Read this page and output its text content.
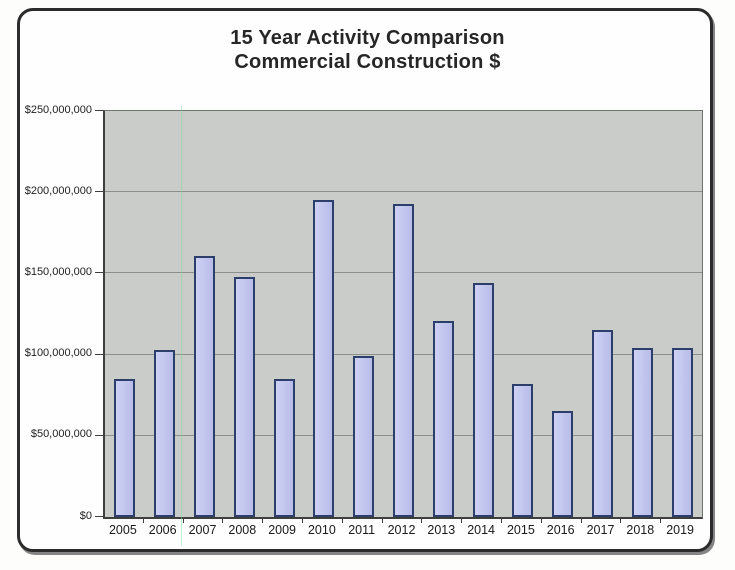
15 Year Activity Comparison
Commercial Construction $
$0
$50,000,000
$100,000,000
$150,000,000
$200,000,000
$250,000,000
2005 2006 2007 2008 2009 2010 2011 2012 2013 2014 2015 2016 2017 2018 2019
